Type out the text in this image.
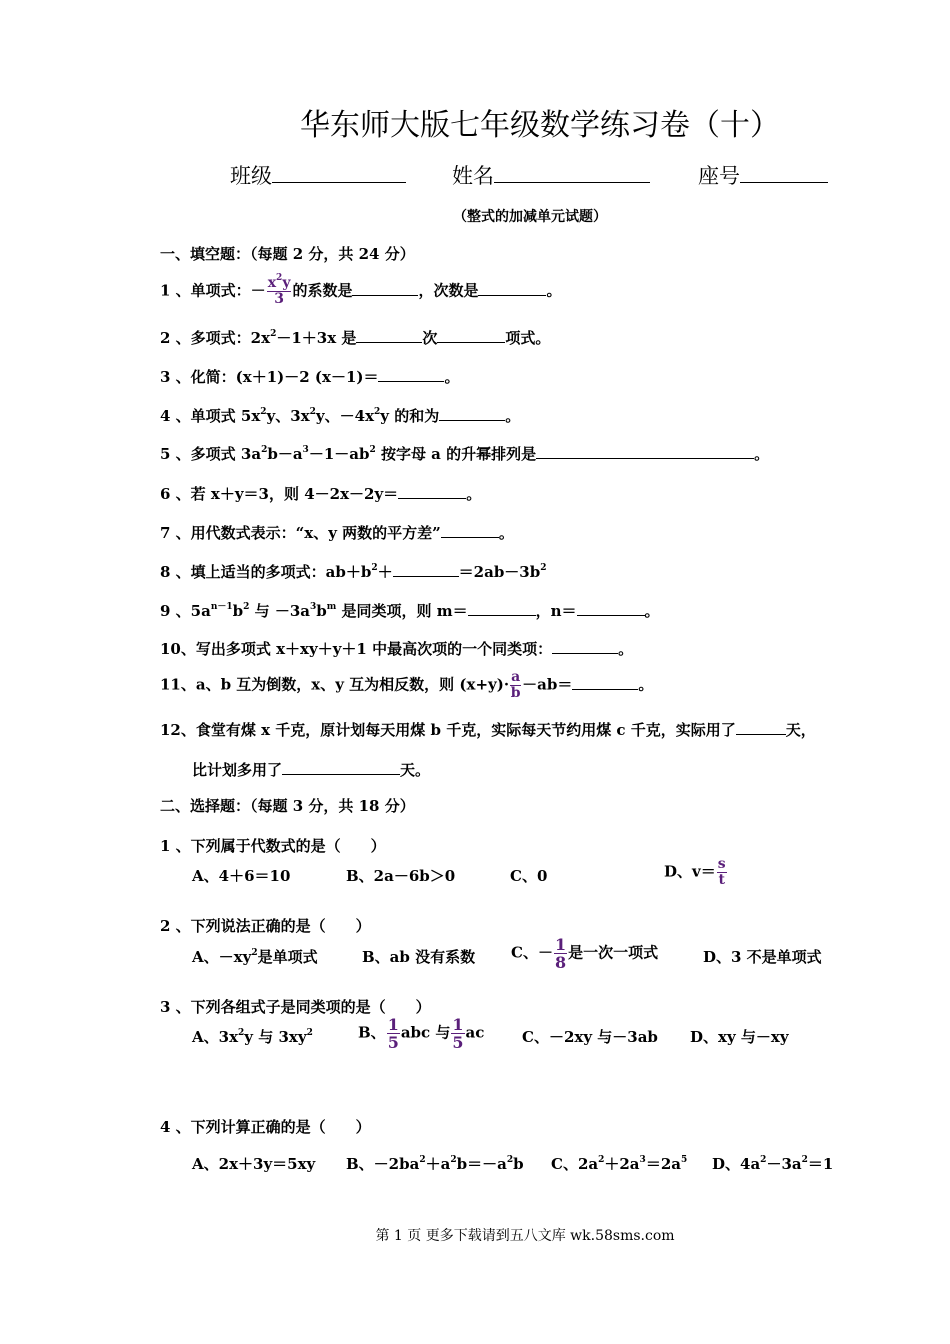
华东师大版七年级数学练习卷（十）
班级	姓名	座号
（整式的加减单元试题）
一、填空题：（每题 2 分，共 24 分）
1 、单项式：－ $\frac{x^2y}{3}$ 的系数是	，次数是	。
2 、多项式：$2x^2-1+3x$ 是	次	项式。
3 、化简：(x＋1)－2 (x－1)＝	。
4 、单项式 $5x^2y$、$3x^2y$、$-4x^2y$ 的和为	。
5 、多项式 $3a^2b-a^3-1-ab^2$ 按字母 a 的升幂排列是	。
6 、若 x＋y＝3，则 4－2x－2y＝	。
7 、用代数式表示：“x、y 两数的平方差”	。
8 、填上适当的多项式：$ab+b^2+$	$=2ab-3b^2$
9 、$5a^{n-1}b^2$ 与 $-3a^3b^m$ 是同类项，则 m＝	，n＝	。
10、写出多项式 x＋xy＋y＋1 中最高次项的一个同类项：	。
11、a、b 互为倒数，x、y 互为相反数，则 $(x+y)\cdot \frac{a}{b} -ab=$	。
12、食堂有煤 x 千克，原计划每天用煤 b 千克，实际每天节约用煤 c 千克，实际用了	天，
比计划多用了	天。
二、选择题：（每题 3 分，共 18 分）
1 、下列属于代数式的是（　　）
A、4＋6＝10	B、2a－6b＞0	C、0	D、$v= \frac{s}{t}$
2 、下列说法正确的是（　　）
A、$-xy^2$是单项式	B、ab 没有系数 C、－ $\frac{1}{8}$ 是一次一项式	D、3 不是单项式
3 、下列各组式子是同类项的是（　　）
A、$3x^2y$ 与 $3xy^2$	B、 $\frac{1}{5}$ abc 与 $\frac{1}{5}$ ac	C、－2xy 与－3ab D、xy 与－xy
4 、下列计算正确的是（　　）
A、2x＋3y＝5xy B、$-2ba^2+a^2b=-a^2b$ C、$2a^2+2a^3=2a^5$ D、$4a^2-3a^2=1$
第 1 页 更多下载请到五八文库 wk.58sms.com
